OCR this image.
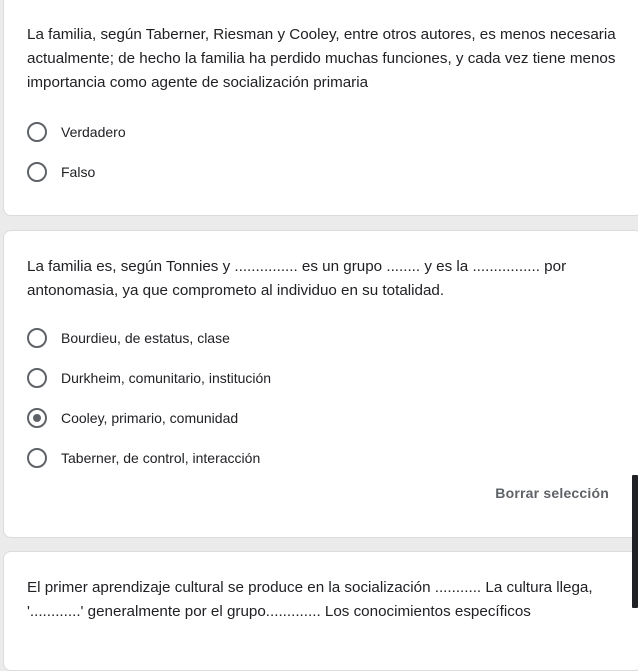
La familia, según Taberner, Riesman y Cooley, entre otros autores, es menos necesaria actualmente; de hecho la familia ha perdido muchas funciones, y cada vez tiene menos importancia como agente de socialización primaria

Verdadero
Falso

La familia es, según Tonnies y ............... es un grupo ........ y es la ................ por antonomasia, ya que comprometo al individuo en su totalidad.

Bourdieu, de estatus, clase
Durkheim, comunitario, institución
Cooley, primario, comunidad
Taberner, de control, interacción
Borrar selección

El primer aprendizaje cultural se produce en la socialización ........... La cultura llega, '............' generalmente por el grupo............. Los conocimientos específicos
